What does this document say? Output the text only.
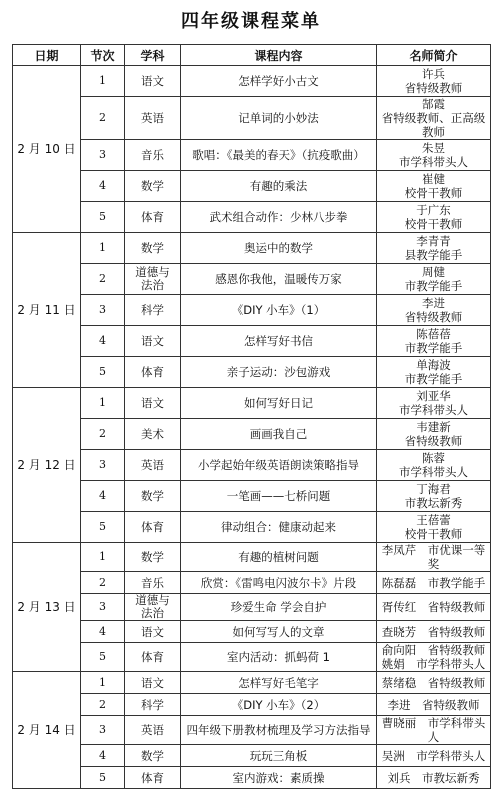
四年级课程菜单
日期	节次	学科	课程内容	名师简介
2 月 10 日	1	语文	怎样学好小古文	许兵
省特级教师

	2	英语	记单词的小妙法	郜霞
省特级教师、正高级教师

	3	音乐	歌唱：《最美的春天》（抗疫歌曲）	朱昱
市学科带头人

	4	数学	有趣的乘法	崔健
校骨干教师

	5	体育	武术组合动作：少林八步拳	于广东
校骨干教师

2 月 11 日	1	数学	奥运中的数学	李青青
县教学能手

	2	道德与法治	感恩你我他，温暖传万家	周健
市教学能手

	3	科学	《DIY 小车》（1）	李进
省特级教师

	4	语文	怎样写好书信	陈蓓蓓
市教学能手

	5	体育	亲子运动：沙包游戏	单海波
市教学能手

2 月 12 日	1	语文	如何写好日记	刘亚华
市学科带头人

	2	美术	画画我自己	韦建新
省特级教师

	3	英语	小学起始年级英语朗读策略指导	陈蓉
市学科带头人

	4	数学	一笔画——七桥问题	丁海君
市教坛新秀

	5	体育	律动组合：健康动起来	王蓓蕾
校骨干教师

2 月 13 日	1	数学	有趣的植树问题	李凤芹　市优课一等奖

	2	音乐	欣赏：《雷鸣电闪波尔卡》片段	陈磊磊　市教学能手

	3	道德与法治	珍爱生命 学会自护	胥传红　省特级教师

	4	语文	如何写写人的文章	查晓芳　省特级教师

	5	体育	室内活动：抓蚂荷 1	俞向阳　省特级教师
姚娟　市学科带头人

2 月 14 日	1	语文	怎样写好毛笔字	蔡绪稳　省特级教师

	2	科学	《DIY 小车》（2）	李进　省特级教师

	3	英语	四年级下册教材梳理及学习方法指导	曹晓丽　市学科带头人

	4	数学	玩玩三角板	吴洲　市学科带头人

	5	体育	室内游戏：素质操	刘兵　市教坛新秀
